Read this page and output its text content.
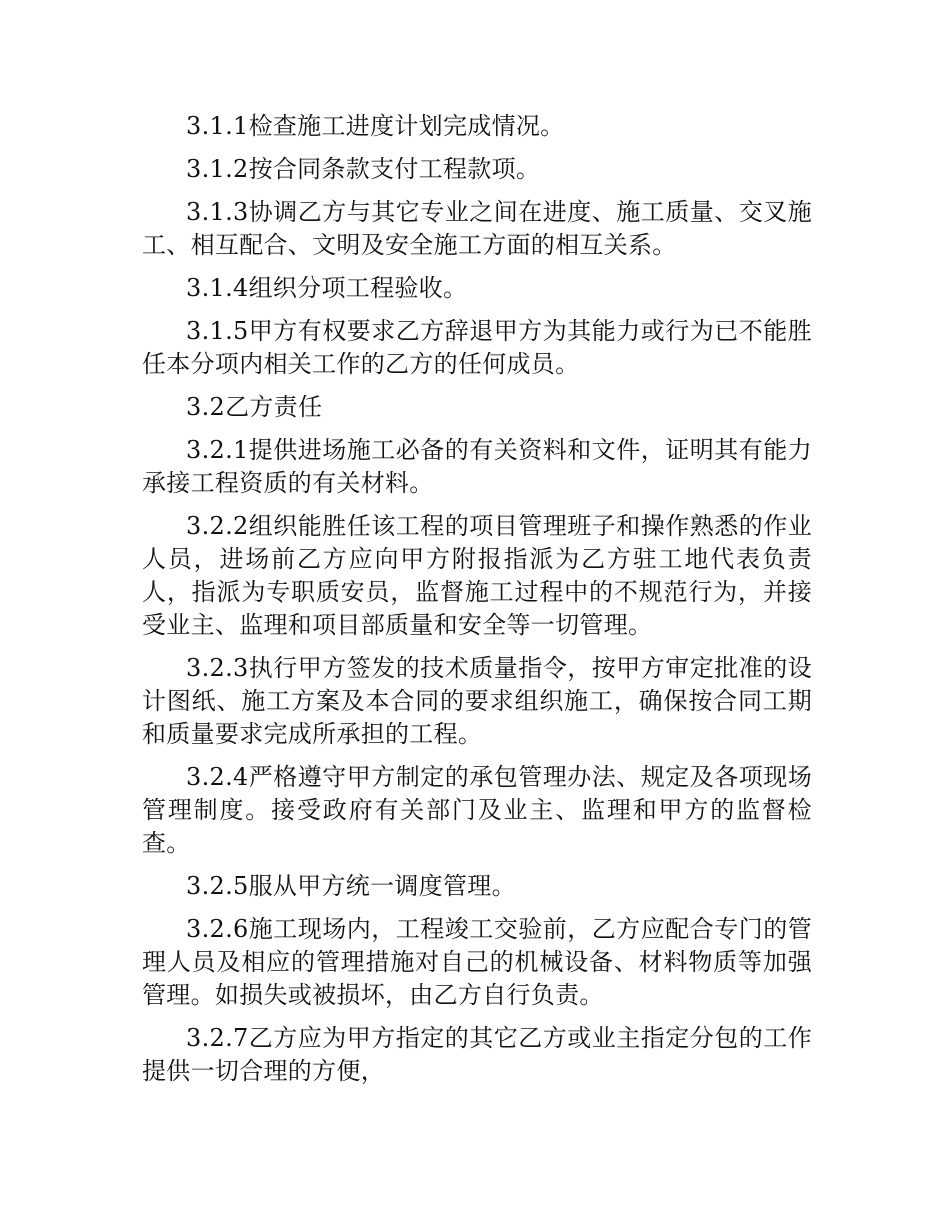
3.1.1检查施工进度计划完成情况。

3.1.2按合同条款支付工程款项。

3.1.3协调乙方与其它专业之间在进度、施工质量、交叉施工、相互配合、文明及安全施工方面的相互关系。

3.1.4组织分项工程验收。

3.1.5甲方有权要求乙方辞退甲方为其能力或行为已不能胜任本分项内相关工作的乙方的任何成员。

3.2乙方责任

3.2.1提供进场施工必备的有关资料和文件，证明其有能力承接工程资质的有关材料。

3.2.2组织能胜任该工程的项目管理班子和操作熟悉的作业人员，进场前乙方应向甲方附报指派为乙方驻工地代表负责人，指派为专职质安员，监督施工过程中的不规范行为，并接受业主、监理和项目部质量和安全等一切管理。

3.2.3执行甲方签发的技术质量指令，按甲方审定批准的设计图纸、施工方案及本合同的要求组织施工，确保按合同工期和质量要求完成所承担的工程。

3.2.4严格遵守甲方制定的承包管理办法、规定及各项现场管理制度。接受政府有关部门及业主、监理和甲方的监督检查。

3.2.5服从甲方统一调度管理。

3.2.6施工现场内，工程竣工交验前，乙方应配合专门的管理人员及相应的管理措施对自己的机械设备、材料物质等加强管理。如损失或被损坏，由乙方自行负责。

3.2.7乙方应为甲方指定的其它乙方或业主指定分包的工作提供一切合理的方便，
